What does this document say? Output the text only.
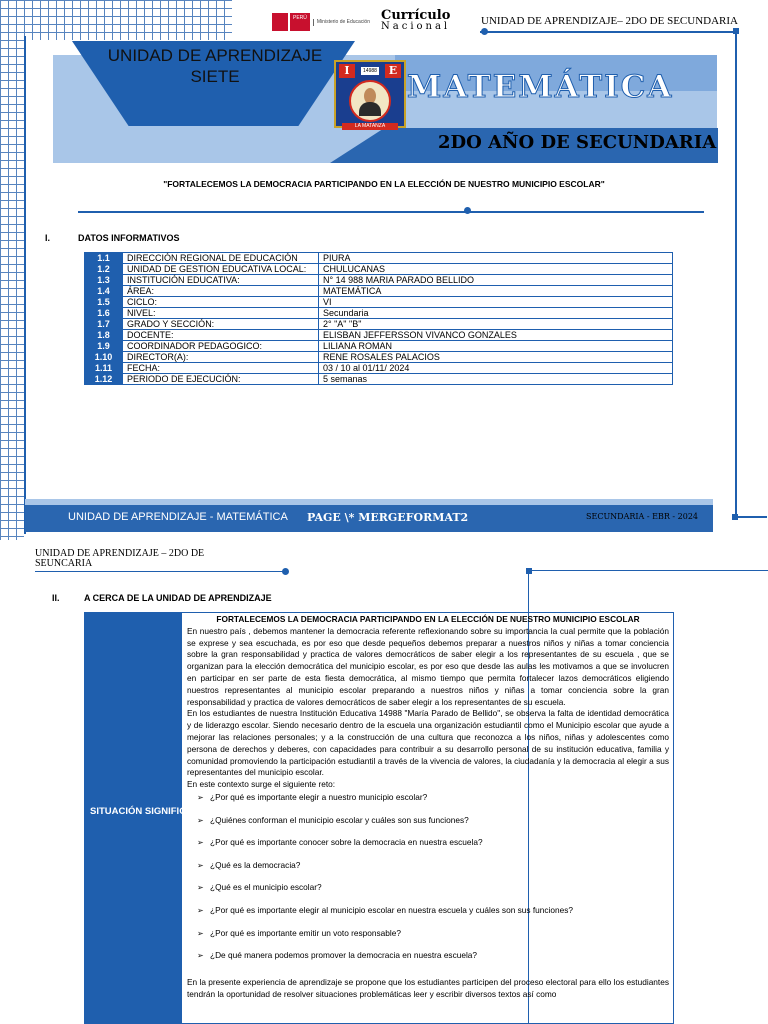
PERÚ
Ministerio de Educación Currículo
Nacional	UNIDAD DE APRENDIZAJE– 2DO DE SECUNDARIA
UNIDAD DE APRENDIZAJE
SIETE	I	14988	E
LA MATANZA
MATEMÁTICA
2DO AÑO DE SECUNDARIA
"FORTALECEMOS LA DEMOCRACIA PARTICIPANDO EN LA ELECCIÓN DE NUESTRO MUNICIPIO ESCOLAR"
I.	DATOS INFORMATIVOS
1.1	DIRECCIÓN REGIONAL DE EDUCACIÓN	PIURA
1.2	UNIDAD DE GESTION EDUCATIVA LOCAL:	CHULUCANAS
1.3	INSTITUCIÓN EDUCATIVA:	N° 14 988 MARIA PARADO BELLIDO
1.4	ÁREA:	MATEMÁTICA
1.5	CICLO:	VI
1.6	NIVEL:	Secundaria
1.7	GRADO Y SECCIÓN:	2° "A" "B"
1.8	DOCENTE:	ELISBAN JEFFERSSON VIVANCO GONZALES
1.9	COORDINADOR PEDAGOGICO:	LILIANA ROMAN
1.10	DIRECTOR(A):	RENE ROSALES PALACIOS
1.11	FECHA:	03 / 10 al 01/11/ 2024
1.12	PERIODO DE EJECUCIÓN:	5 semanas
UNIDAD DE APRENDIZAJE - MATEMÁTICA PAGE \* MERGEFORMAT2	SECUNDARIA - EBR - 2024
UNIDAD DE APRENDIZAJE – 2DO DE SEUNCARIA
II.	A CERCA DE LA UNIDAD DE APRENDIZAJE
SITUACIÓN SIGNIFICATIVA
FORTALECEMOS LA DEMOCRACIA PARTICIPANDO EN LA ELECCIÓN DE NUESTRO MUNICIPIO ESCOLAR
En nuestro país , debemos mantener la democracia referente reflexionando sobre su importancia la cual permite que la población se exprese y sea escuchada, es por eso que desde pequeños debemos preparar a nuestros niños y niñas a tomar conciencia sobre la gran responsabilidad y practica de valores democráticos de saber elegir a los representantes de su escuela , que se organizan para la elección democrática del municipio escolar, es por eso que desde las aulas les motivamos a que se involucren en participar en ser parte de esta fiesta democrática, al mismo tiempo que permita fortalecer lazos democráticos eligiendo nuestros representantes al municipio escolar preparando a nuestros niños y niñas a tomar conciencia sobre la gran responsabilidad y practica de valores democráticos de saber elegir a los representantes de su escuela.
En los estudiantes de nuestra Institución Educativa 14988 "María Parado de Bellido", se observa la falta de identidad democrática y de liderazgo escolar. Siendo necesario dentro de la escuela una organización estudiantil como el Municipio escolar que ayude a mejorar las relaciones personales; y a la construcción de una cultura que reconozca a los niños, niñas y adolescentes como persona de derechos y deberes, con capacidades para contribuir a su desarrollo personal de su institución educativa, familia y comunidad promoviendo la participación estudiantil a través de la vivencia de valores, la ciudadanía y la democracia al elegir a sus representantes del municipio escolar.
En este contexto surge el siguiente reto:
➢ ¿Por qué es importante elegir a nuestro municipio escolar?
➢ ¿Quiénes conforman el municipio escolar y cuáles son sus funciones?
➢ ¿Por qué es importante conocer sobre la democracia en nuestra escuela?
➢ ¿Qué es la democracia?
➢ ¿Qué es el municipio escolar?
➢ ¿Por qué es importante elegir al municipio escolar en nuestra escuela y cuáles son sus funciones?
➢ ¿Por qué es importante emitir un voto responsable?
➢ ¿De qué manera podemos promover la democracia en nuestra escuela?
En la presente experiencia de aprendizaje se propone que los estudiantes participen del proceso electoral para ello los estudiantes tendrán la oportunidad de resolver situaciones problemáticas leer y escribir diversos textos así como
